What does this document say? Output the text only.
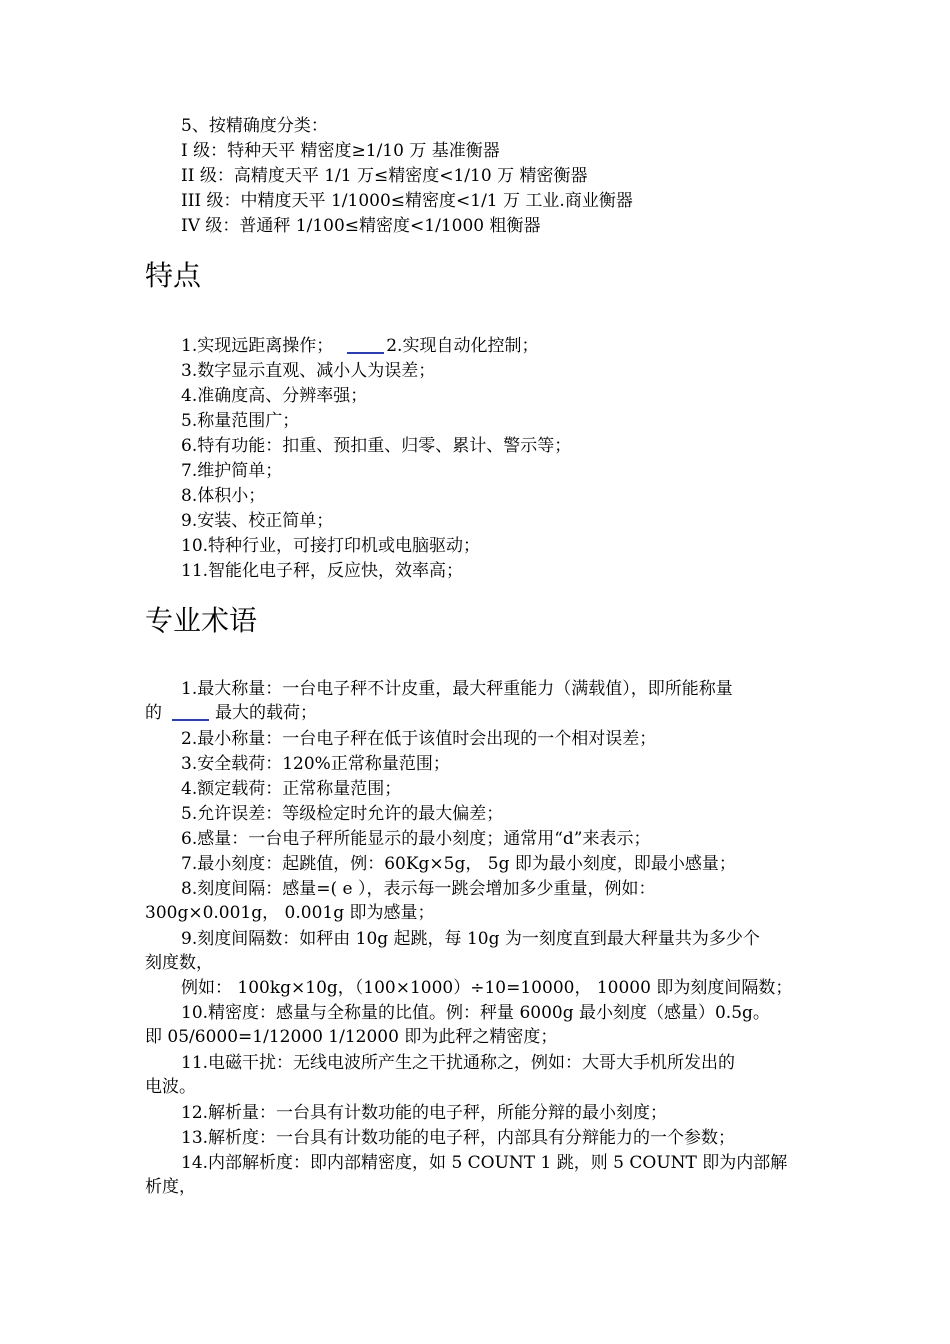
5、按精确度分类：
I 级：特种天平 精密度≥1/10 万 基准衡器
II 级：高精度天平 1/1 万≤精密度<1/10 万 精密衡器
III 级：中精度天平 1/1000≤精密度<1/1 万 工业.商业衡器
IV 级：普通秤 1/100≤精密度<1/1000 粗衡器
特点
1.实现远距离操作；	2.实现自动化控制；
3.数字显示直观、减小人为误差；
4.准确度高、分辨率强；
5.称量范围广；
6.特有功能：扣重、预扣重、归零、累计、警示等；
7.维护简单；
8.体积小；
9.安装、校正简单；
10.特种行业，可接打印机或电脑驱动；
11.智能化电子秤，反应快，效率高；
专业术语
1.最大称量：一台电子秤不计皮重，最大秤重能力（满载值），即所能称量
的	最大的载荷；
2.最小称量：一台电子秤在低于该值时会出现的一个相对误差；
3.安全载荷：120%正常称量范围；
4.额定载荷：正常称量范围；
5.允许误差：等级检定时允许的最大偏差；
6.感量：一台电子秤所能显示的最小刻度；通常用“d”来表示；
7.最小刻度：起跳值，例：60Kg×5g， 5g 即为最小刻度，即最小感量；
8.刻度间隔：感量=( e ），表示每一跳会增加多少重量，例如：
300g×0.001g， 0.001g 即为感量；
9.刻度间隔数：如秤由 10g 起跳，每 10g 为一刻度直到最大秤量共为多少个
刻度数，
例如： 100kg×10g，（100×1000）÷10=10000， 10000 即为刻度间隔数；
10.精密度：感量与全称量的比值。例：秤量 6000g 最小刻度（感量）0.5g。
即 05/6000=1/12000 1/12000 即为此秤之精密度；
11.电磁干扰：无线电波所产生之干扰通称之，例如：大哥大手机所发出的
电波。
12.解析量：一台具有计数功能的电子秤，所能分辩的最小刻度；
13.解析度：一台具有计数功能的电子秤，内部具有分辩能力的一个参数；
14.内部解析度：即内部精密度，如 5 COUNT 1 跳，则 5 COUNT 即为内部解
析度，
